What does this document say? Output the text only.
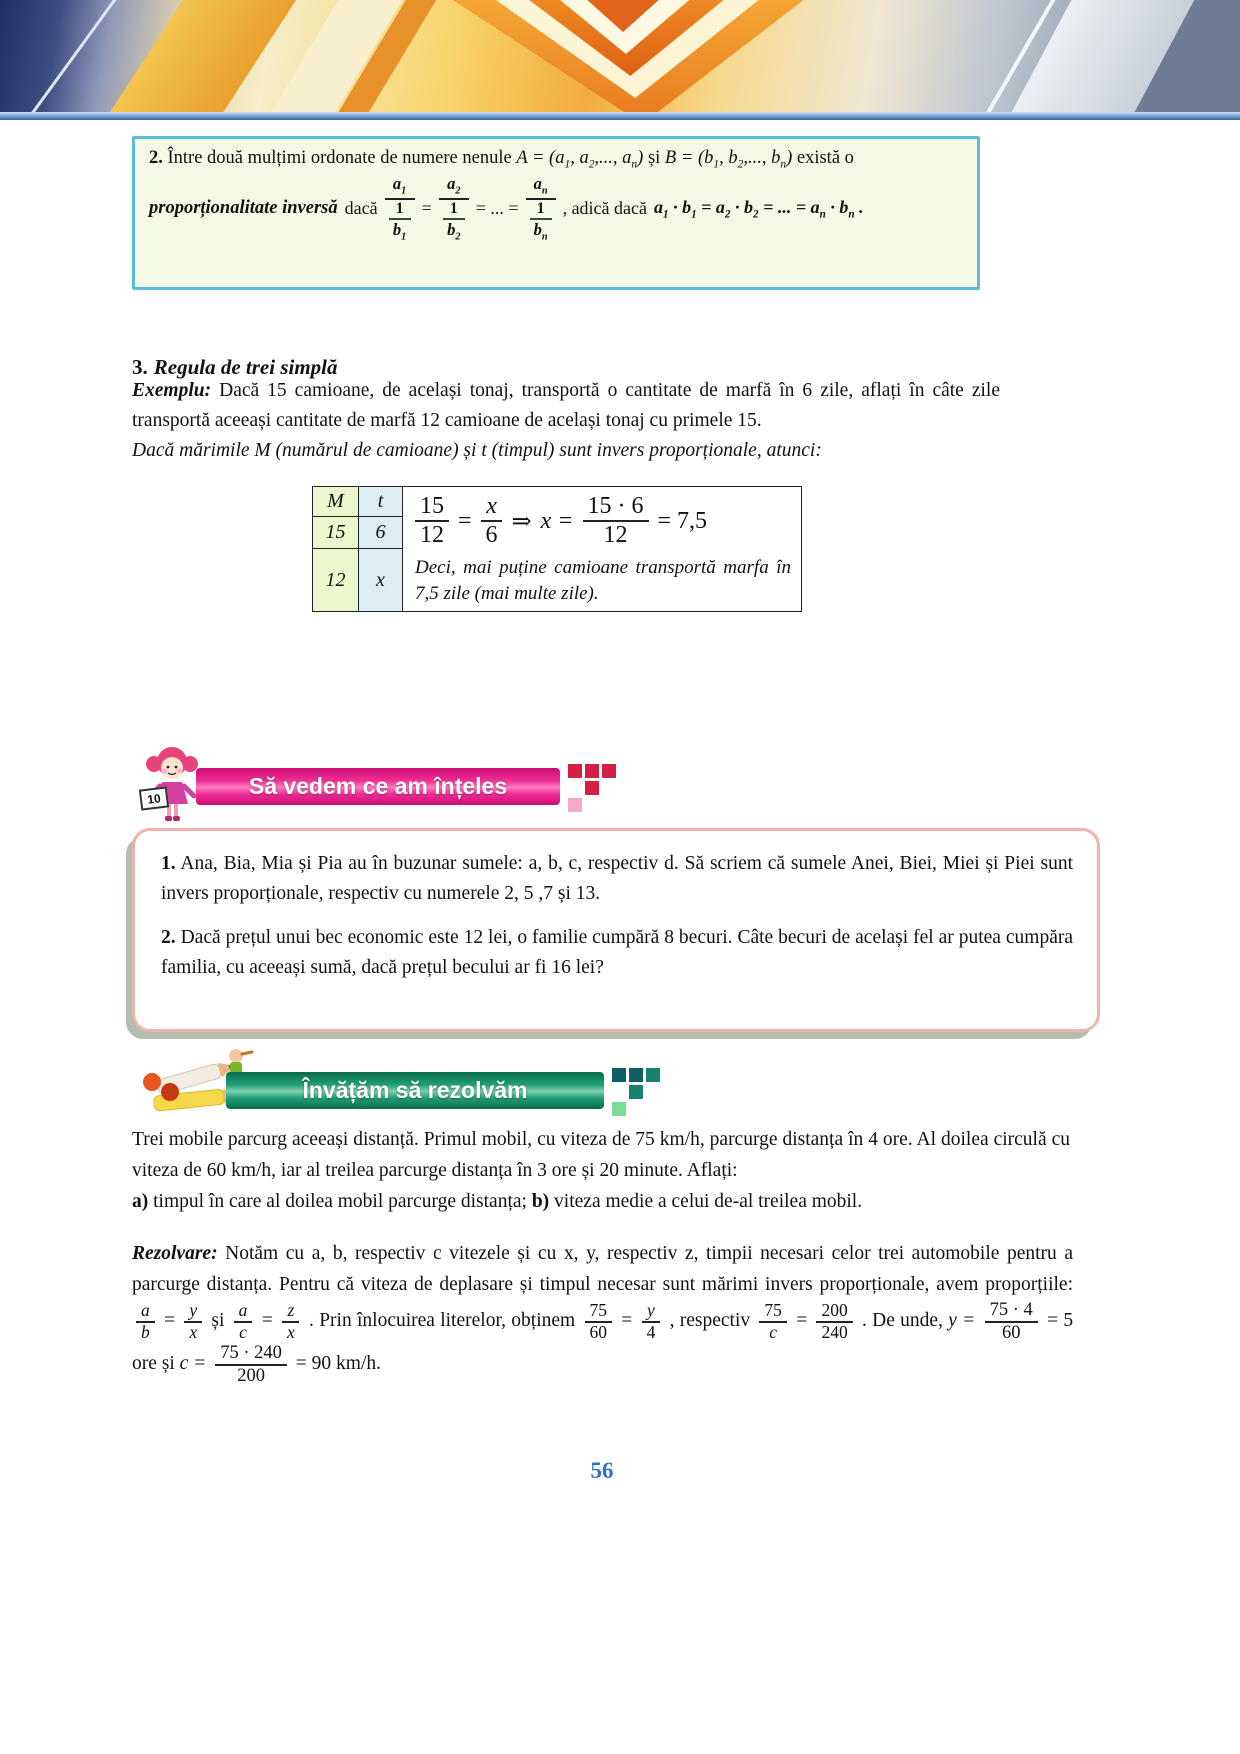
2. Între două mulțimi ordonate de numere nenule $A = (a_1$, $a_2$,..., $a_n$) și $B = (b_1$, $b_2$,..., $b_n$) există o
proporționalitate inversă dacă
$a_1$
1
$b_1$
=
$a_2$
1
$b_2$
= ... =
$a_n$
1
$b_n$
, adică dacă $a_1 \cdot b_1 = a_2 \cdot b_2$ = ... = $a_n \cdot b_n$ .
3. Regula de trei simplă

Exemplu: Dacă 15 camioane, de același tonaj, transportă o cantitate de marfă în 6 zile, aflați în câte zile transportă aceeași cantitate de marfă 12 camioane de același tonaj cu primele 15.

Dacă mărimile M (numărul de camioane) și t (timpul) sunt invers proporționale, atunci:

M	t
15	6
12	x
$\frac{15}{12} = \frac{x}{6}$ ⇒ $x = \frac{15 \cdot 6}{12} = 7,5$
Deci, mai puține camioane transportă marfa în 7,5 zile (mai multe zile).
10	Să vedem ce am înțeles

1. Ana, Bia, Mia și Pia au în buzunar sumele: a, b, c, respectiv d. Să scriem că sumele Anei, Biei, Miei și Piei sunt invers proporționale, respectiv cu numerele 2, 5 ,7 și 13.

2. Dacă prețul unui bec economic este 12 lei, o familie cumpără 8 becuri. Câte becuri de același fel ar putea cumpăra familia, cu aceeași sumă, dacă prețul becului ar fi 16 lei?

Învățăm să rezolvăm

Trei mobile parcurg aceeași distanță. Primul mobil, cu viteza de 75 km/h, parcurge distanța în 4 ore. Al doilea circulă cu viteza de 60 km/h, iar al treilea parcurge distanța în 3 ore și 20 minute. Aflați:

a) timpul în care al doilea mobil parcurge distanța; b) viteza medie a celui de-al treilea mobil.

Rezolvare: Notăm cu a, b, respectiv c vitezele și cu x, y, respectiv z, timpii necesari celor trei automobile pentru a parcurge distanța. Pentru că viteza de deplasare și timpul necesar sunt mărimi invers proporționale, avem proporțiile:
$\frac{a}{b} = \frac{y}{x}$ și $\frac{a}{c} = \frac{z}{x}$ . Prin înlocuirea literelor, obținem $\frac{75}{60} = \frac{y}{4}$ , respectiv $\frac{75}{c} = \frac{200}{240}$ . De unde, $y = \frac{75 \cdot 4}{60} = 5$ ore și $c = \frac{75 \cdot 240}{200} = 90$ km/h.
56
